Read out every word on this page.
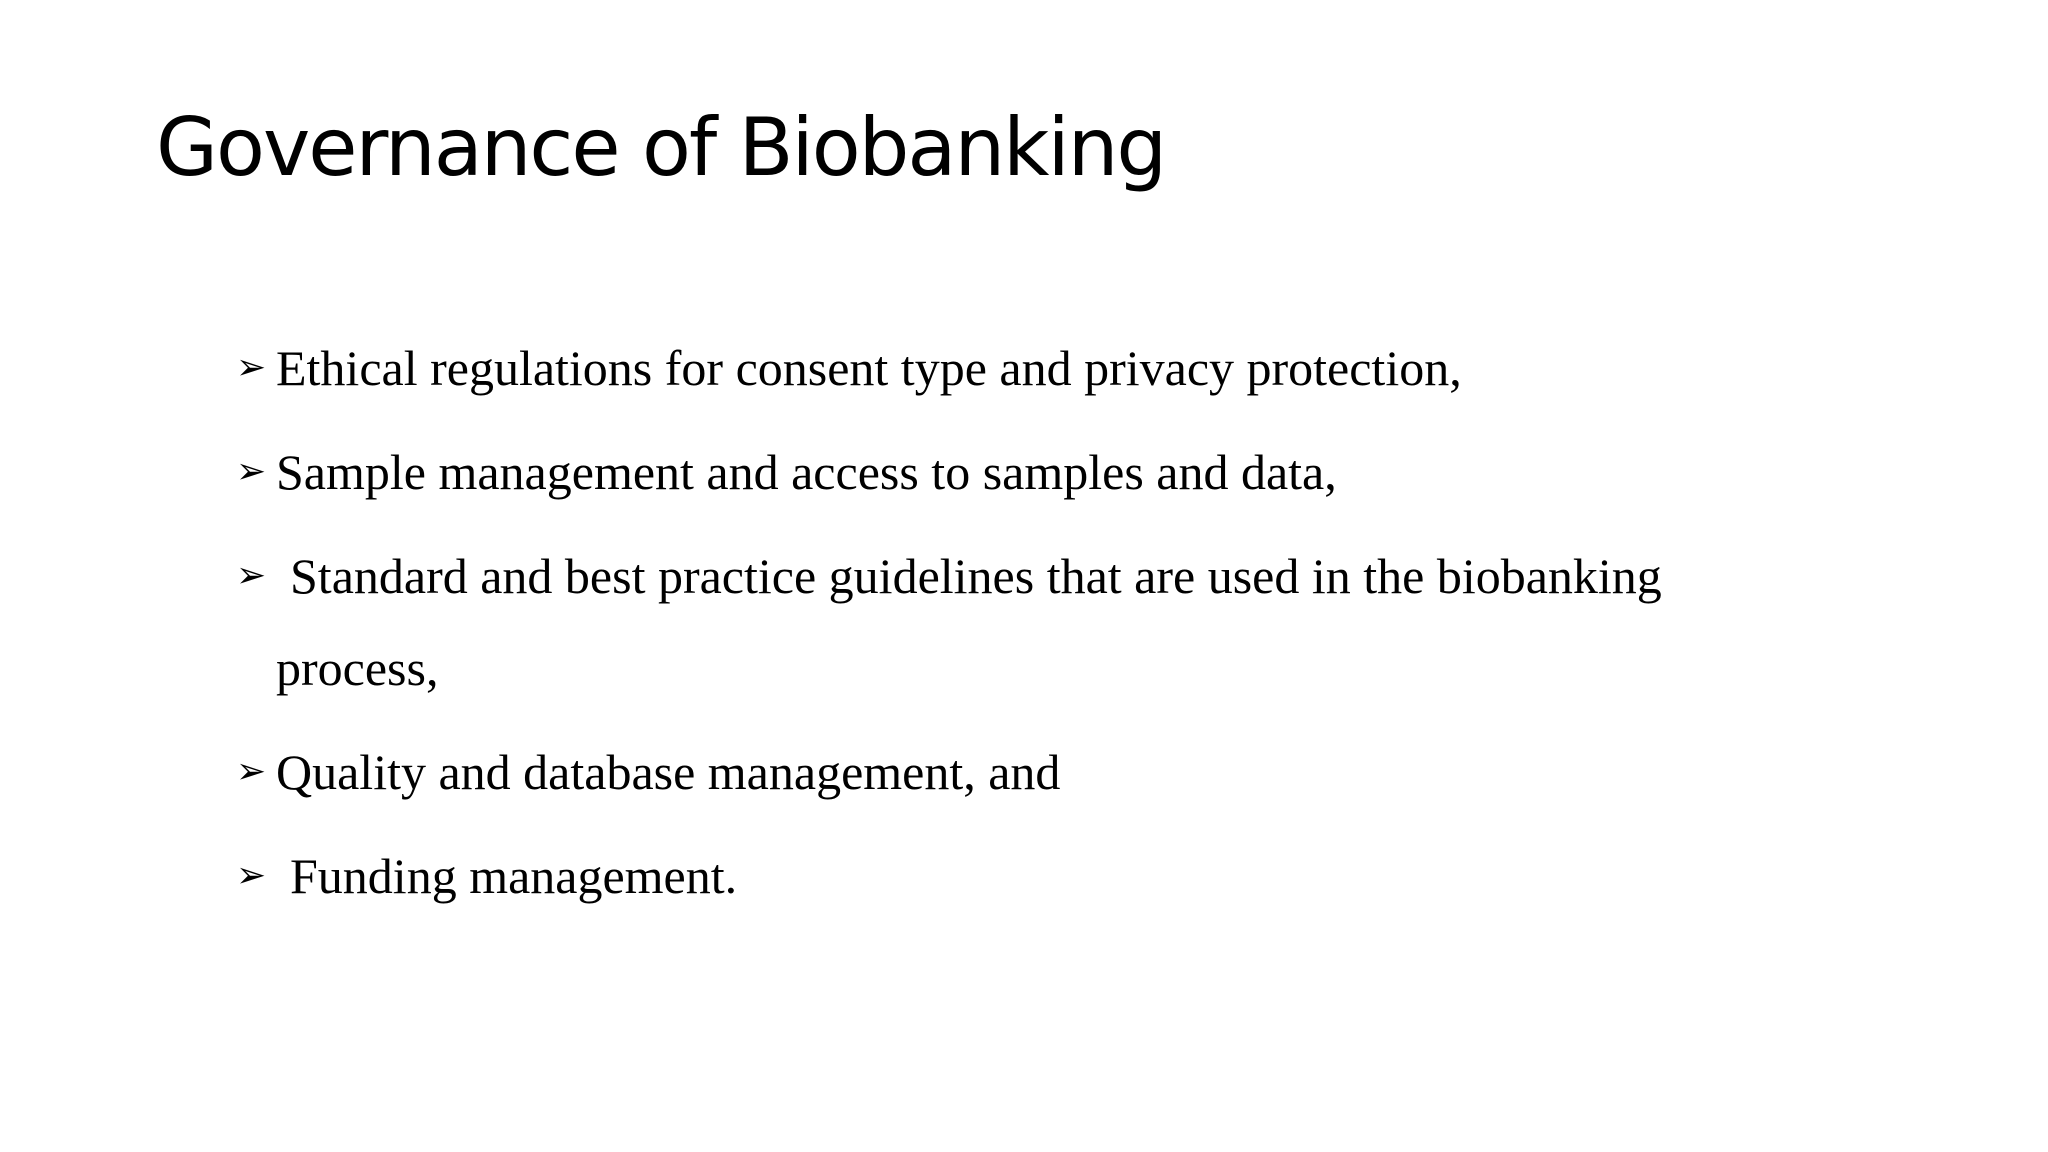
Governance of Biobanking
➢ Ethical regulations for consent type and privacy protection,
➢ Sample management and access to samples and data,
➢ Standard and best practice guidelines that are used in the biobanking process,
➢ Quality and database management, and
➢ Funding management.
